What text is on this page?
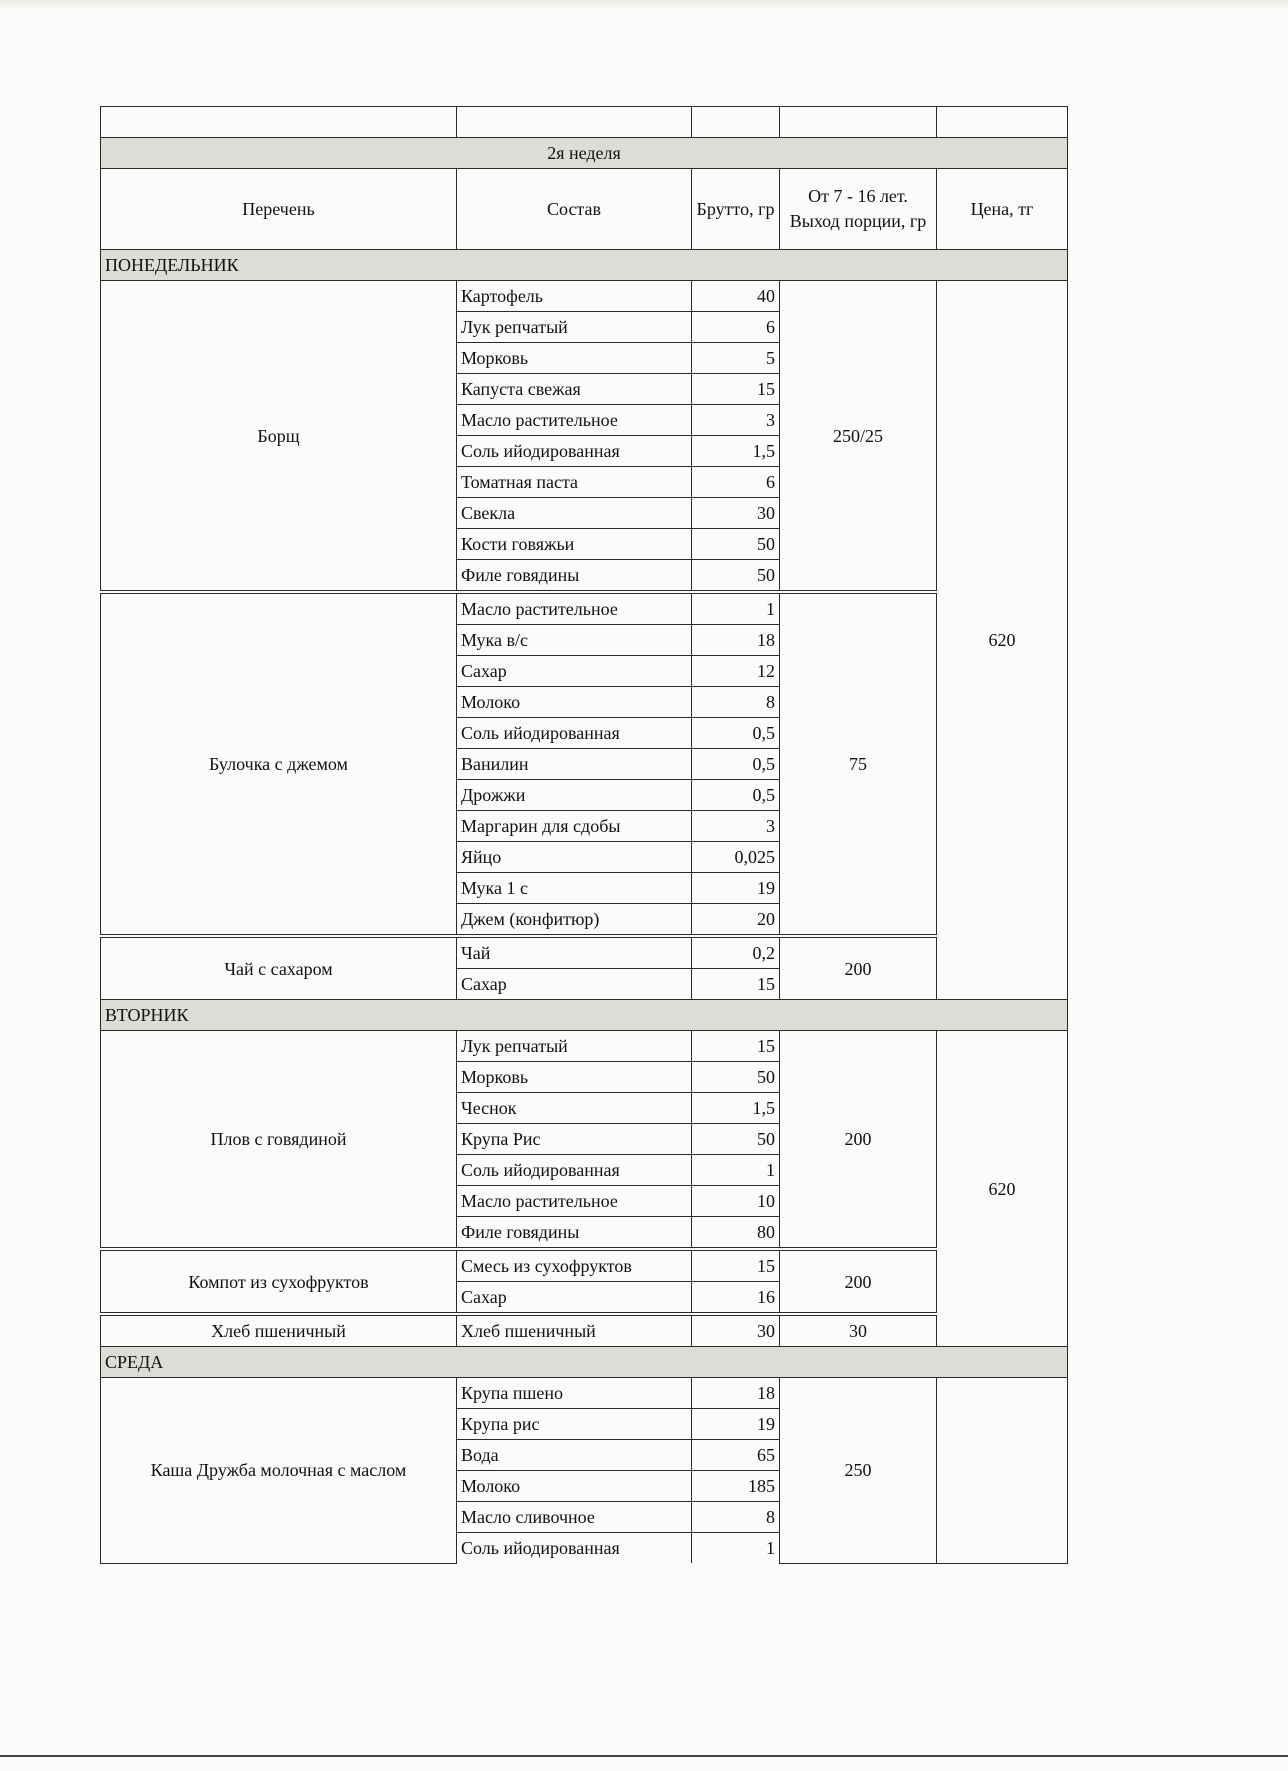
2я неделя				
Перечень	Состав	Брутто, гр	От 7 - 16 лет. Выход порции, гр	Цена, тг
ПОНЕДЕЛЬНИК				
Борщ	Картофель	40	250/25	620
	Лук репчатый	6		
	Морковь	5		
	Капуста свежая	15		
	Масло растительное	3		
	Соль ийодированная	1,5		
	Томатная паста	6		
	Свекла	30		
	Кости говяжьи	50		
	Филе говядины	50		
Булочка с джемом	Масло растительное	1	75	
	Мука в/с	18		
	Сахар	12		
	Молоко	8		
	Соль ийодированная	0,5		
	Ванилин	0,5		
	Дрожжи	0,5		
	Маргарин для сдобы	3		
	Яйцо	0,025		
	Мука 1 с	19		
	Джем (конфитюр)	20		
Чай с сахаром	Чай	0,2	200	
	Сахар	15		
ВТОРНИК				
Плов с говядиной	Лук репчатый	15	200	620
	Морковь	50		
	Чеснок	1,5		
	Крупа Рис	50		
	Соль ийодированная	1		
	Масло растительное	10		
	Филе говядины	80		
Компот из сухофруктов	Смесь из сухофруктов	15	200	
	Сахар	16		
Хлеб пшеничный	Хлеб пшеничный	30	30	
СРЕДА				
Каша Дружба молочная с маслом	Крупа пшено	18	250	
	Крупа рис	19		
	Вода	65		
	Молоко	185		
	Масло сливочное	8		
	Соль ийодированная	1		
